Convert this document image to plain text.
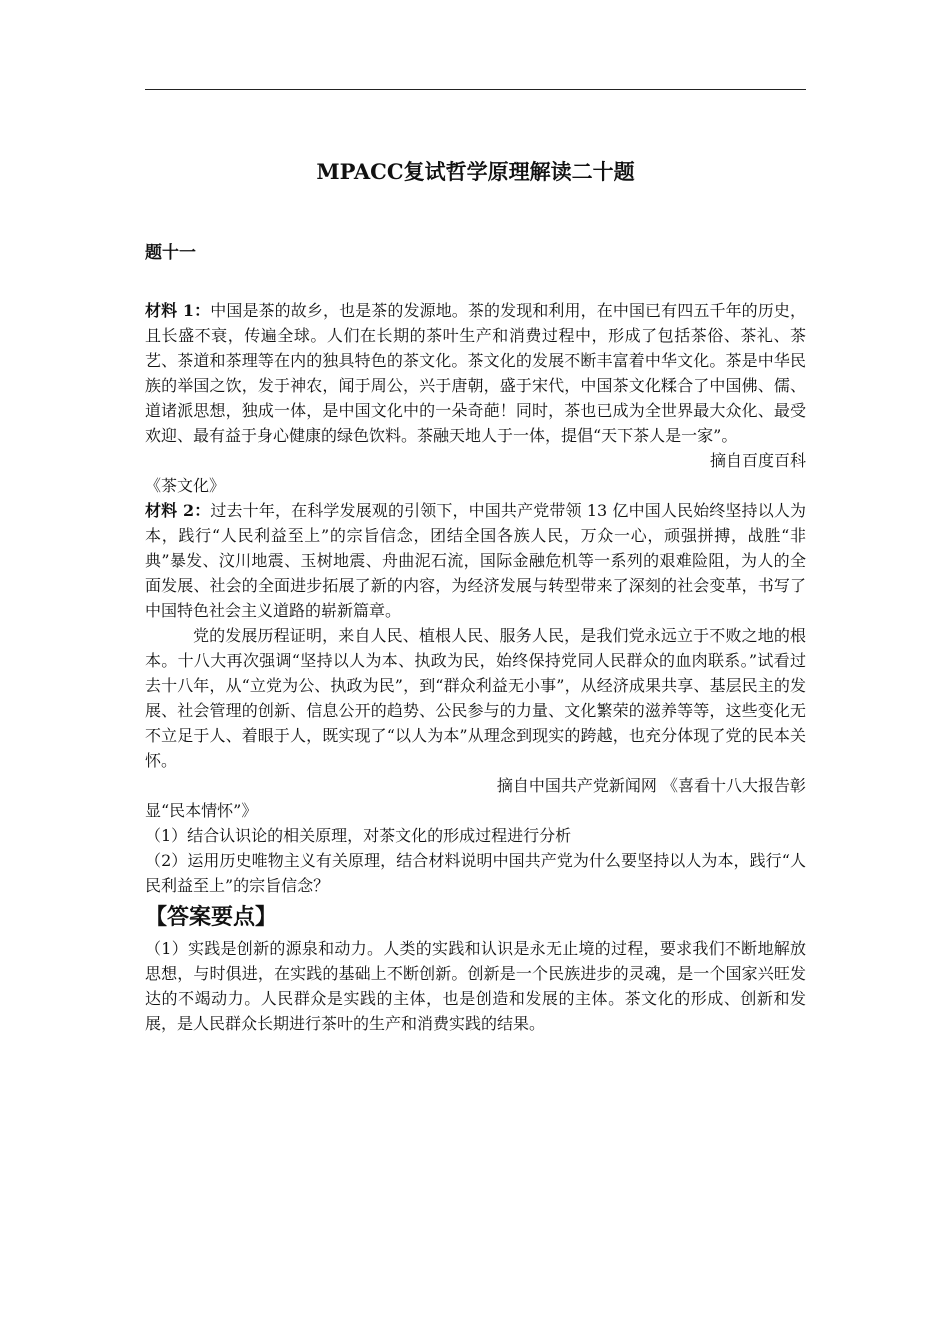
MPACC复试哲学原理解读二十题
题十一

材料 1：中国是茶的故乡，也是茶的发源地。茶的发现和利用，在中国已有四五千年的历史，且长盛不衰，传遍全球。人们在长期的茶叶生产和消费过程中，形成了包括茶俗、茶礼、茶艺、茶道和茶理等在内的独具特色的茶文化。茶文化的发展不断丰富着中华文化。茶是中华民族的举国之饮，发于神农，闻于周公，兴于唐朝，盛于宋代，中国茶文化糅合了中国佛、儒、道诸派思想，独成一体，是中国文化中的一朵奇葩！同时，茶也已成为全世界最大众化、最受欢迎、最有益于身心健康的绿色饮料。茶融天地人于一体，提倡“天下茶人是一家”。

摘自百度百科

《茶文化》

材料 2：过去十年，在科学发展观的引领下，中国共产党带领 13 亿中国人民始终坚持以人为本，践行“人民利益至上”的宗旨信念，团结全国各族人民，万众一心，顽强拼搏，战胜“非典”暴发、汶川地震、玉树地震、舟曲泥石流，国际金融危机等一系列的艰难险阻，为人的全面发展、社会的全面进步拓展了新的内容，为经济发展与转型带来了深刻的社会变革，书写了中国特色社会主义道路的崭新篇章。

党的发展历程证明，来自人民、植根人民、服务人民，是我们党永远立于不败之地的根本。十八大再次强调“坚持以人为本、执政为民，始终保持党同人民群众的血肉联系。”试看过去十八年，从“立党为公、执政为民”，到“群众利益无小事”，从经济成果共享、基层民主的发展、社会管理的创新、信息公开的趋势、公民参与的力量、文化繁荣的滋养等等，这些变化无不立足于人、着眼于人，既实现了“以人为本”从理念到现实的跨越，也充分体现了党的民本关怀。

摘自中国共产党新闻网 《喜看十八大报告彰

显“民本情怀”》

（1）结合认识论的相关原理，对茶文化的形成过程进行分析

（2）运用历史唯物主义有关原理，结合材料说明中国共产党为什么要坚持以人为本，践行“人民利益至上”的宗旨信念？

【答案要点】

（1）实践是创新的源泉和动力。人类的实践和认识是永无止境的过程，要求我们不断地解放思想，与时俱进，在实践的基础上不断创新。创新是一个民族进步的灵魂，是一个国家兴旺发达的不竭动力。人民群众是实践的主体，也是创造和发展的主体。茶文化的形成、创新和发展，是人民群众长期进行茶叶的生产和消费实践的结果。
